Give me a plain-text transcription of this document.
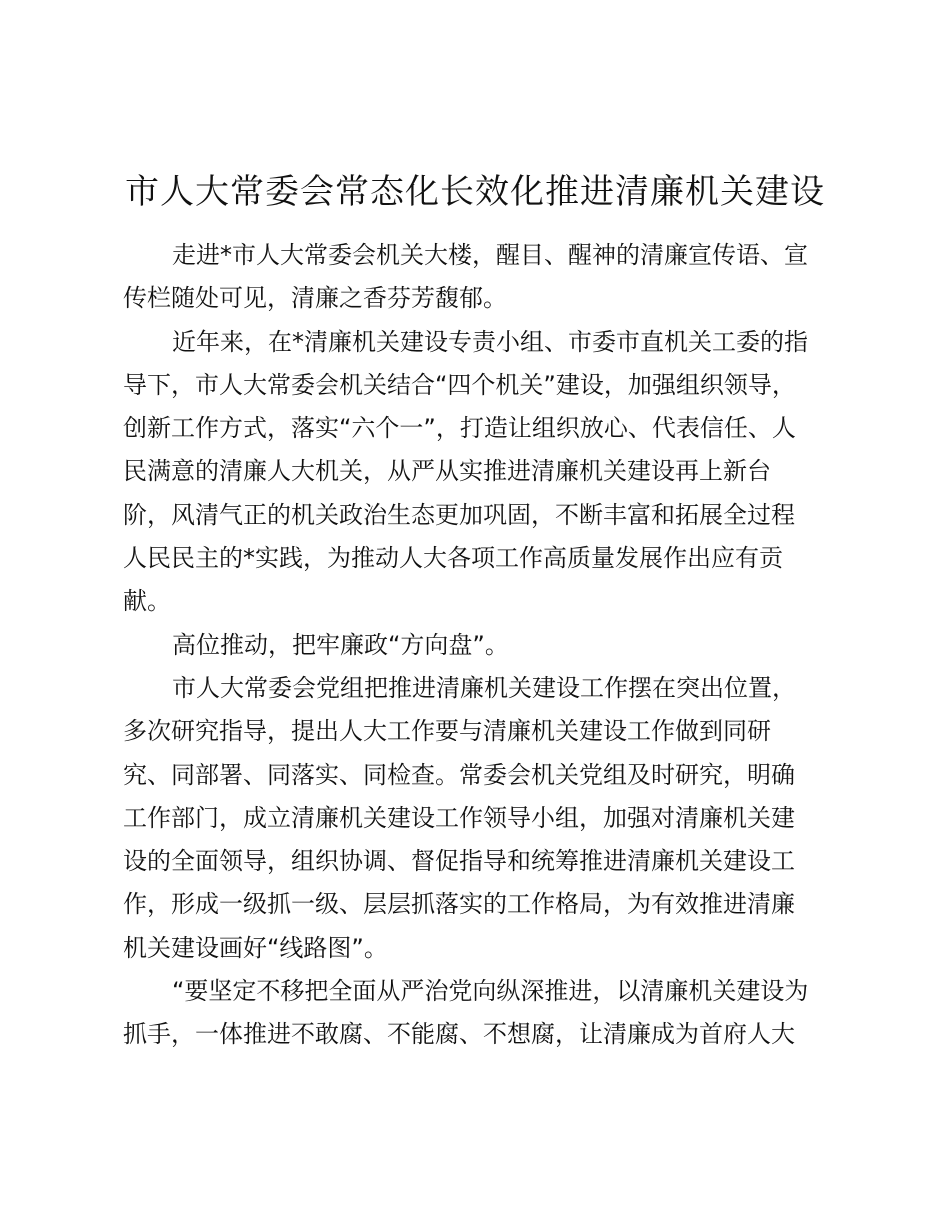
市人大常委会常态化长效化推进清廉机关建设
走进*市人大常委会机关大楼，醒目、醒神的清廉宣传语、宣
传栏随处可见，清廉之香芬芳馥郁。
近年来，在*清廉机关建设专责小组、市委市直机关工委的指
导下，市人大常委会机关结合“四个机关”建设，加强组织领导，
创新工作方式，落实“六个一”，打造让组织放心、代表信任、人
民满意的清廉人大机关，从严从实推进清廉机关建设再上新台
阶，风清气正的机关政治生态更加巩固，不断丰富和拓展全过程
人民民主的*实践，为推动人大各项工作高质量发展作出应有贡
献。
高位推动，把牢廉政“方向盘”。
市人大常委会党组把推进清廉机关建设工作摆在突出位置，
多次研究指导，提出人大工作要与清廉机关建设工作做到同研
究、同部署、同落实、同检查。常委会机关党组及时研究，明确
工作部门，成立清廉机关建设工作领导小组，加强对清廉机关建
设的全面领导，组织协调、督促指导和统筹推进清廉机关建设工
作，形成一级抓一级、层层抓落实的工作格局，为有效推进清廉
机关建设画好“线路图”。
“要坚定不移把全面从严治党向纵深推进，以清廉机关建设为
抓手，一体推进不敢腐、不能腐、不想腐，让清廉成为首府人大
